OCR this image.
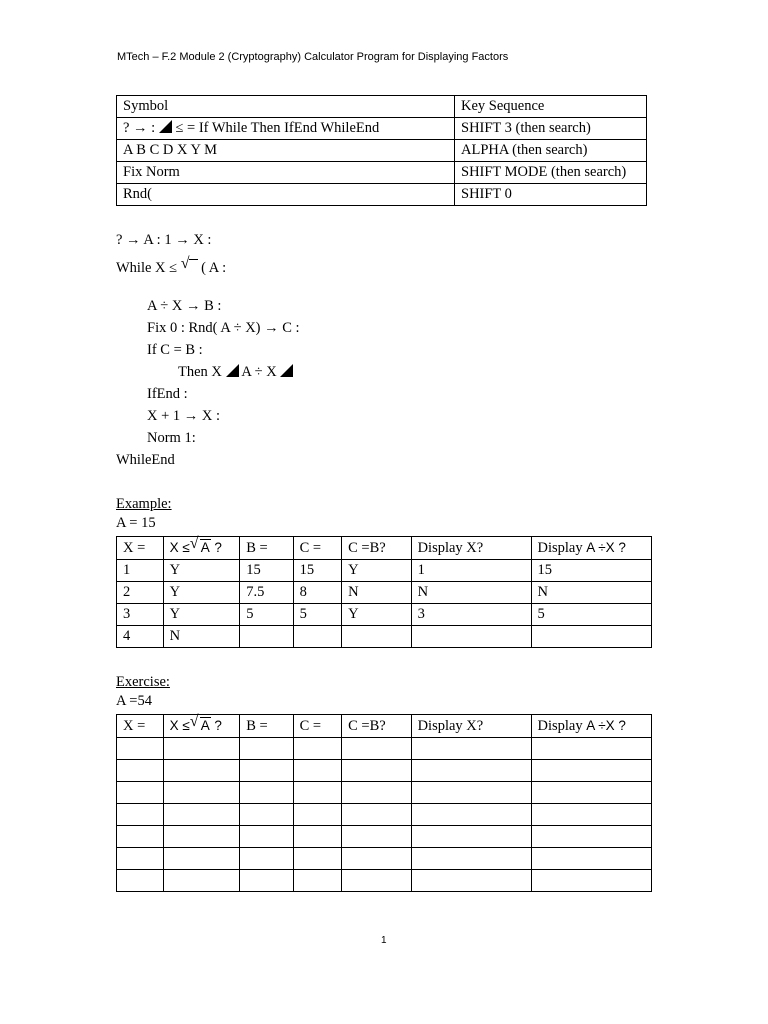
MTech – F.2 Module 2 (Cryptography) Calculator Program for Displaying Factors
Symbol	Key Sequence
? → :  ≤ = If While Then IfEnd WhileEnd	SHIFT 3 (then search)
A B C D X Y M	ALPHA (then search)
Fix Norm	SHIFT MODE (then search)
Rnd(	SHIFT 0
? → A : 1 → X :
While X ≤ √ ( A :
A ÷ X → B :
Fix 0 : Rnd( A ÷ X) → C :
If C = B :
Then X  A ÷ X
IfEnd :
X + 1 → X :
Norm 1:
WhileEnd
Example:
A = 15
X =	X ≤ √ A ?	B =	C =	C =B?	Display X?	Display A ÷X ?
1	Y	15	15	Y	1	15
2	Y	7.5	8	N	N	N
3	Y	5	5	Y	3	5
4	N					
Exercise:
A =54
X =	X ≤ √ A ?	B =	C =	C =B?	Display X?	Display A ÷X ?

1
